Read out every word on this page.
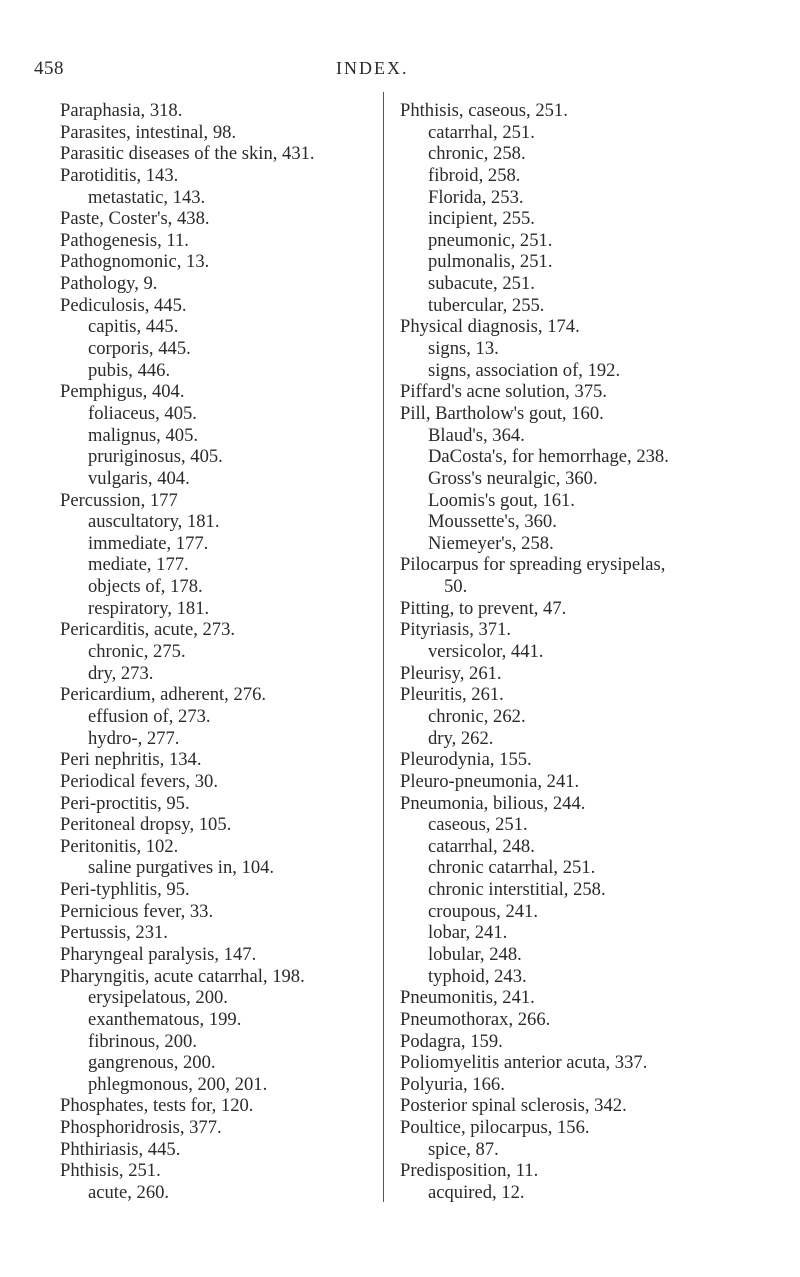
458	INDEX.
Paraphasia, 318.
Parasites, intestinal, 98.
Parasitic diseases of the skin, 431.
Parotiditis, 143.
metastatic, 143.
Paste, Coster's, 438.
Pathogenesis, 11.
Pathognomonic, 13.
Pathology, 9.
Pediculosis, 445.
capitis, 445.
corporis, 445.
pubis, 446.
Pemphigus, 404.
foliaceus, 405.
malignus, 405.
pruriginosus, 405.
vulgaris, 404.
Percussion, 177
auscultatory, 181.
immediate, 177.
mediate, 177.
objects of, 178.
respiratory, 181.
Pericarditis, acute, 273.
chronic, 275.
dry, 273.
Pericardium, adherent, 276.
effusion of, 273.
hydro-, 277.
Peri nephritis, 134.
Periodical fevers, 30.
Peri-proctitis, 95.
Peritoneal dropsy, 105.
Peritonitis, 102.
saline purgatives in, 104.
Peri-typhlitis, 95.
Pernicious fever, 33.
Pertussis, 231.
Pharyngeal paralysis, 147.
Pharyngitis, acute catarrhal, 198.
erysipelatous, 200.
exanthematous, 199.
fibrinous, 200.
gangrenous, 200.
phlegmonous, 200, 201.
Phosphates, tests for, 120.
Phosphoridrosis, 377.
Phthiriasis, 445.
Phthisis, 251.
acute, 260.
Phthisis, caseous, 251.
catarrhal, 251.
chronic, 258.
fibroid, 258.
Florida, 253.
incipient, 255.
pneumonic, 251.
pulmonalis, 251.
subacute, 251.
tubercular, 255.
Physical diagnosis, 174.
signs, 13.
signs, association of, 192.
Piffard's acne solution, 375.
Pill, Bartholow's gout, 160.
Blaud's, 364.
DaCosta's, for hemorrhage, 238.
Gross's neuralgic, 360.
Loomis's gout, 161.
Moussette's, 360.
Niemeyer's, 258.
Pilocarpus for spreading erysipelas,
50.
Pitting, to prevent, 47.
Pityriasis, 371.
versicolor, 441.
Pleurisy, 261.
Pleuritis, 261.
chronic, 262.
dry, 262.
Pleurodynia, 155.
Pleuro-pneumonia, 241.
Pneumonia, bilious, 244.
caseous, 251.
catarrhal, 248.
chronic catarrhal, 251.
chronic interstitial, 258.
croupous, 241.
lobar, 241.
lobular, 248.
typhoid, 243.
Pneumonitis, 241.
Pneumothorax, 266.
Podagra, 159.
Poliomyelitis anterior acuta, 337.
Polyuria, 166.
Posterior spinal sclerosis, 342.
Poultice, pilocarpus, 156.
spice, 87.
Predisposition, 11.
acquired, 12.
